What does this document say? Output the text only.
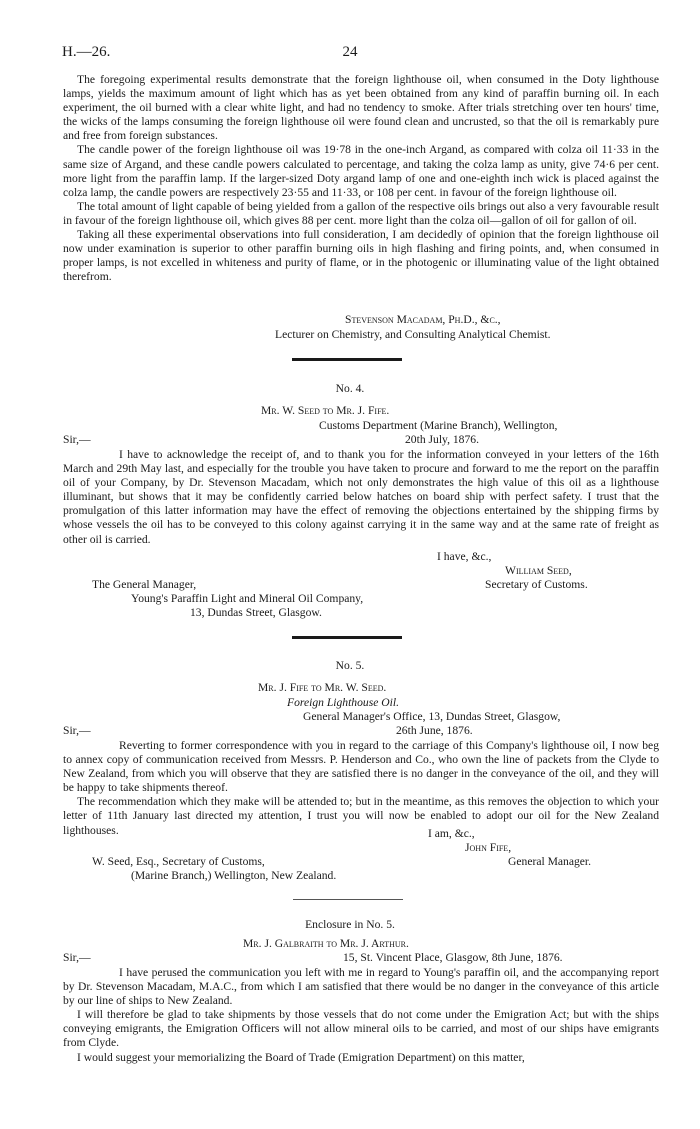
H.—26.	24

The foregoing experimental results demonstrate that the foreign lighthouse oil, when consumed in the Doty lighthouse lamps, yields the maximum amount of light which has as yet been obtained from any kind of paraffin burning oil. In each experiment, the oil burned with a clear white light, and had no tendency to smoke. After trials stretching over ten hours' time, the wicks of the lamps consuming the foreign lighthouse oil were found clean and uncrusted, so that the oil is remarkably pure and free from foreign substances.

The candle power of the foreign lighthouse oil was 19·78 in the one-inch Argand, as compared with colza oil 11·33 in the same size of Argand, and these candle powers calculated to percentage, and taking the colza lamp as unity, give 74·6 per cent. more light from the paraffin lamp. If the larger-sized Doty argand lamp of one and one-eighth inch wick is placed against the colza lamp, the candle powers are respectively 23·55 and 11·33, or 108 per cent. in favour of the foreign lighthouse oil.

The total amount of light capable of being yielded from a gallon of the respective oils brings out also a very favourable result in favour of the foreign lighthouse oil, which gives 88 per cent. more light than the colza oil—gallon of oil for gallon of oil.

Taking all these experimental observations into full consideration, I am decidedly of opinion that the foreign lighthouse oil now under examination is superior to other paraffin burning oils in high flashing and firing points, and, when consumed in proper lamps, is not excelled in whiteness and purity of flame, or in the photogenic or illuminating value of the light obtained therefrom.

Stevenson Macadam, Ph.D., &c.,
Lecturer on Chemistry, and Consulting Analytical Chemist.
No. 4.
Mr. W. Seed to Mr. J. Fife.
Customs Department (Marine Branch), Wellington,
Sir,—	20th July, 1876.

I have to acknowledge the receipt of, and to thank you for the information conveyed in your letters of the 16th March and 29th May last, and especially for the trouble you have taken to procure and forward to me the report on the paraffin oil of your Company, by Dr. Stevenson Macadam, which not only demonstrates the high value of this oil as a lighthouse illuminant, but shows that it may be confidently carried below hatches on board ship with perfect safety. I trust that the promulgation of this latter information may have the effect of removing the objections entertained by the shipping firms by whose vessels the oil has to be conveyed to this colony against carrying it in the same way and at the same rate of freight as other oil is carried.

I have, &c.,
William Seed,
Secretary of Customs.
The General Manager,
Young's Paraffin Light and Mineral Oil Company,
13, Dundas Street, Glasgow.
No. 5.
Mr. J. Fife to Mr. W. Seed.
Foreign Lighthouse Oil.
General Manager's Office, 13, Dundas Street, Glasgow,
Sir,—	26th June, 1876.

Reverting to former correspondence with you in regard to the carriage of this Company's lighthouse oil, I now beg to annex copy of communication received from Messrs. P. Henderson and Co., who own the line of packets from the Clyde to New Zealand, from which you will observe that they are satisfied there is no danger in the conveyance of the oil, and they will be happy to take shipments thereof.

The recommendation which they make will be attended to; but in the meantime, as this removes the objection to which your letter of 11th January last directed my attention, I trust you will now be enabled to adopt our oil for the New Zealand lighthouses.	I am, &c.,
John Fife,
General Manager.
W. Seed, Esq., Secretary of Customs,
(Marine Branch,) Wellington, New Zealand.
Enclosure in No. 5.
Mr. J. Galbraith to Mr. J. Arthur.
Sir,—	15, St. Vincent Place, Glasgow, 8th June, 1876.

I have perused the communication you left with me in regard to Young's paraffin oil, and the accompanying report by Dr. Stevenson Macadam, M.A.C., from which I am satisfied that there would be no danger in the conveyance of this article by our line of ships to New Zealand.

I will therefore be glad to take shipments by those vessels that do not come under the Emigration Act; but with the ships conveying emigrants, the Emigration Officers will not allow mineral oils to be carried, and most of our ships have emigrants from Clyde.

I would suggest your memorializing the Board of Trade (Emigration Department) on this matter,
